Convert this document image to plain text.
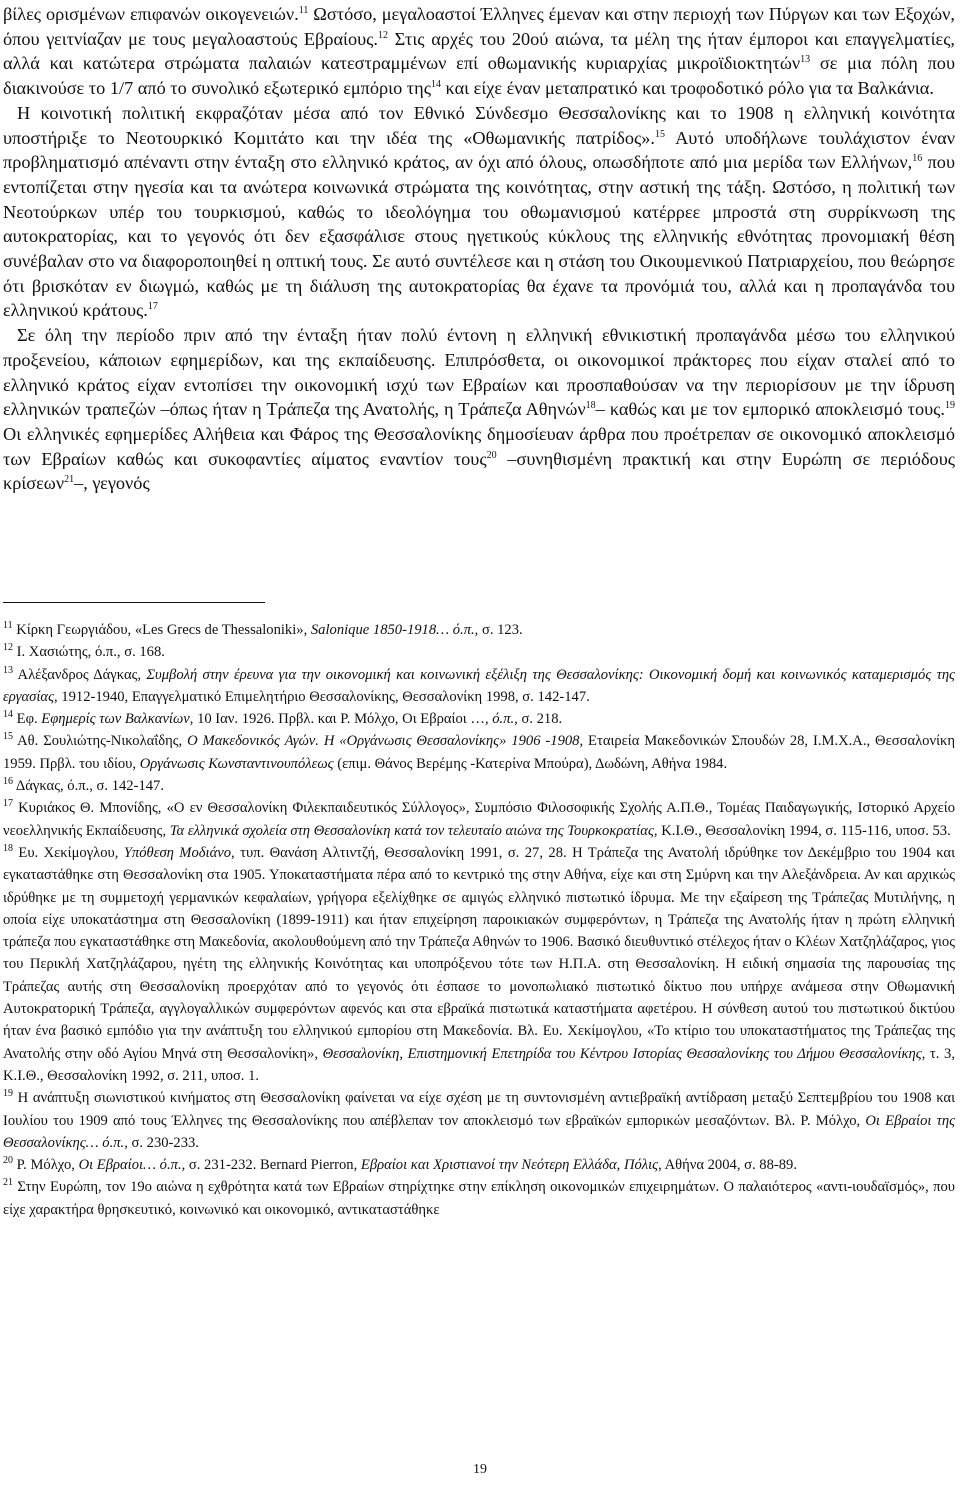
βίλες ορισμένων επιφανών οικογενειών.$^{11}$ Ωστόσο, μεγαλοαστοί Έλληνες έμεναν και στην περιοχή των Πύργων και των Εξοχών, όπου γειτνίαζαν με τους μεγαλοαστούς Εβραίους.$^{12}$ Στις αρχές του 20ού αιώνα, τα μέλη της ήταν έμποροι και επαγγελματίες, αλλά και κατώτερα στρώματα παλαιών κατεστραμμένων επί οθωμανικής κυριαρχίας μικροϊδιοκτητών$^{13}$ σε μια πόλη που διακινούσε το 1/7 από το συνολικό εξωτερικό εμπόριο της$^{14}$ και είχε έναν μεταπρατικό και τροφοδοτικό ρόλο για τα Βαλκάνια.

Η κοινοτική πολιτική εκφραζόταν μέσα από τον Εθνικό Σύνδεσμο Θεσσαλονίκης και το 1908 η ελληνική κοινότητα υποστήριξε το Νεοτουρκικό Κομιτάτο και την ιδέα της «Οθωμανικής πατρίδος».$^{15}$ Αυτό υποδήλωνε τουλάχιστον έναν προβληματισμό απέναντι στην ένταξη στο ελληνικό κράτος, αν όχι από όλους, οπωσδήποτε από μια μερίδα των Ελλήνων,$^{16}$ που εντοπίζεται στην ηγεσία και τα ανώτερα κοινωνικά στρώματα της κοινότητας, στην αστική της τάξη. Ωστόσο, η πολιτική των Νεοτούρκων υπέρ του τουρκισμού, καθώς το ιδεολόγημα του οθωμανισμού κατέρρεε μπροστά στη συρρίκνωση της αυτοκρατορίας, και το γεγονός ότι δεν εξασφάλισε στους ηγετικούς κύκλους της ελληνικής εθνότητας προνομιακή θέση συνέβαλαν στο να διαφοροποιηθεί η οπτική τους. Σε αυτό συντέλεσε και η στάση του Οικουμενικού Πατριαρχείου, που θεώρησε ότι βρισκόταν εν διωγμώ, καθώς με τη διάλυση της αυτοκρατορίας θα έχανε τα προνόμιά του, αλλά και η προπαγάνδα του ελληνικού κράτους.$^{17}$

Σε όλη την περίοδο πριν από την ένταξη ήταν πολύ έντονη η ελληνική εθνικιστική προπαγάνδα μέσω του ελληνικού προξενείου, κάποιων εφημερίδων, και της εκπαίδευσης. Επιπρόσθετα, οι οικονομικοί πράκτορες που είχαν σταλεί από το ελληνικό κράτος είχαν εντοπίσει την οικονομική ισχύ των Εβραίων και προσπαθούσαν να την περιορίσουν με την ίδρυση ελληνικών τραπεζών –όπως ήταν η Τράπεζα της Ανατολής, η Τράπεζα Αθηνών$^{18}$– καθώς και με τον εμπορικό αποκλεισμό τους.$^{19}$ Οι ελληνικές εφημερίδες Αλήθεια και Φάρος της Θεσσαλονίκης δημοσίευαν άρθρα που προέτρεπαν σε οικονομικό αποκλεισμό των Εβραίων καθώς και συκοφαντίες αίματος εναντίον τους$^{20}$ –συνηθισμένη πρακτική και στην Ευρώπη σε περιόδους κρίσεων$^{21}$–, γεγονός

$^{11}$ Κίρκη Γεωργιάδου, «Les Grecs de Thessaloniki», Salonique 1850-1918… ό.π., σ. 123.

$^{12}$ Ι. Χασιώτης, ό.π., σ. 168.

$^{13}$ Αλέξανδρος Δάγκας, Συμβολή στην έρευνα για την οικονομική και κοινωνική εξέλιξη της Θεσσαλονίκης: Οικονομική δομή και κοινωνικός καταμερισμός της εργασίας, 1912-1940, Επαγγελματικό Επιμελητήριο Θεσσαλονίκης, Θεσσαλονίκη 1998, σ. 142-147.

$^{14}$ Εφ. Εφημερίς των Βαλκανίων, 10 Ιαν. 1926. Πρβλ. και Ρ. Μόλχο, Οι Εβραίοι …, ό.π., σ. 218.

$^{15}$ Αθ. Σουλιώτης-Νικολαΐδης, Ο Μακεδονικός Αγών. Η «Οργάνωσις Θεσσαλονίκης» 1906 -1908, Εταιρεία Μακεδονικών Σπουδών 28, Ι.Μ.Χ.Α., Θεσσαλονίκη 1959. Πρβλ. του ιδίου, Οργάνωσις Κωνσταντινουπόλεως (επιμ. Θάνος Βερέμης -Κατερίνα Μπούρα), Δωδώνη, Αθήνα 1984.

$^{16}$ Δάγκας, ό.π., σ. 142-147.

$^{17}$ Κυριάκος Θ. Μπονίδης, «Ο εν Θεσσαλονίκη Φιλεκπαιδευτικός Σύλλογος», Συμπόσιο Φιλοσοφικής Σχολής Α.Π.Θ., Τομέας Παιδαγωγικής, Ιστορικό Αρχείο νεοελληνικής Εκπαίδευσης, Τα ελληνικά σχολεία στη Θεσσαλονίκη κατά τον τελευταίο αιώνα της Τουρκοκρατίας, Κ.Ι.Θ., Θεσσαλονίκη 1994, σ. 115-116, υποσ. 53.

$^{18}$ Ευ. Χεκίμογλου, Υπόθεση Μοδιάνο, τυπ. Θανάση Αλτιντζή, Θεσσαλονίκη 1991, σ. 27, 28. Η Τράπεζα της Ανατολή ιδρύθηκε τον Δεκέμβριο του 1904 και εγκαταστάθηκε στη Θεσσαλονίκη στα 1905. Υποκαταστήματα πέρα από το κεντρικό της στην Αθήνα, είχε και στη Σμύρνη και την Αλεξάνδρεια. Αν και αρχικώς ιδρύθηκε με τη συμμετοχή γερμανικών κεφαλαίων, γρήγορα εξελίχθηκε σε αμιγώς ελληνικό πιστωτικό ίδρυμα. Με την εξαίρεση της Τράπεζας Μυτιλήνης, η οποία είχε υποκατάστημα στη Θεσσαλονίκη (1899-1911) και ήταν επιχείρηση παροικιακών συμφερόντων, η Τράπεζα της Ανατολής ήταν η πρώτη ελληνική τράπεζα που εγκαταστάθηκε στη Μακεδονία, ακολουθούμενη από την Τράπεζα Αθηνών το 1906. Βασικό διευθυντικό στέλεχος ήταν ο Κλέων Χατζηλάζαρος, γιος του Περικλή Χατζηλάζαρου, ηγέτη της ελληνικής Κοινότητας και υποπρόξενου τότε των Η.Π.Α. στη Θεσσαλονίκη. Η ειδική σημασία της παρουσίας της Τράπεζας αυτής στη Θεσσαλονίκη προερχόταν από το γεγονός ότι έσπασε το μονοπωλιακό πιστωτικό δίκτυο που υπήρχε ανάμεσα στην Οθωμανική Αυτοκρατορική Τράπεζα, αγγλογαλλικών συμφερόντων αφενός και στα εβραϊκά πιστωτικά καταστήματα αφετέρου. Η σύνθεση αυτού του πιστωτικού δικτύου ήταν ένα βασικό εμπόδιο για την ανάπτυξη του ελληνικού εμπορίου στη Μακεδονία. Βλ. Ευ. Χεκίμογλου, «Το κτίριο του υποκαταστήματος της Τράπεζας της Ανατολής στην οδό Αγίου Μηνά στη Θεσσαλονίκη», Θεσσαλονίκη, Επιστημονική Επετηρίδα του Κέντρου Ιστορίας Θεσσαλονίκης του Δήμου Θεσσαλονίκης, τ. 3, Κ.Ι.Θ., Θεσσαλονίκη 1992, σ. 211, υποσ. 1.

$^{19}$ Η ανάπτυξη σιωνιστικού κινήματος στη Θεσσαλονίκη φαίνεται να είχε σχέση με τη συντονισμένη αντιεβραϊκή αντίδραση μεταξύ Σεπτεμβρίου του 1908 και Ιουλίου του 1909 από τους Έλληνες της Θεσσαλονίκης που απέβλεπαν τον αποκλεισμό των εβραϊκών εμπορικών μεσαζόντων. Βλ. Ρ. Μόλχο, Οι Εβραίοι της Θεσσαλονίκης… ό.π., σ. 230-233.

$^{20}$ Ρ. Μόλχο, Οι Εβραίοι… ό.π., σ. 231-232. Bernard Pierron, Εβραίοι και Χριστιανοί την Νεότερη Ελλάδα, Πόλις, Αθήνα 2004, σ. 88-89.

$^{21}$ Στην Ευρώπη, τον 19ο αιώνα η εχθρότητα κατά των Εβραίων στηρίχτηκε στην επίκληση οικονομικών επιχειρημάτων. Ο παλαιότερος «αντι-ιουδαϊσμός», που είχε χαρακτήρα θρησκευτικό, κοινωνικό και οικονομικό, αντικαταστάθηκε

19
